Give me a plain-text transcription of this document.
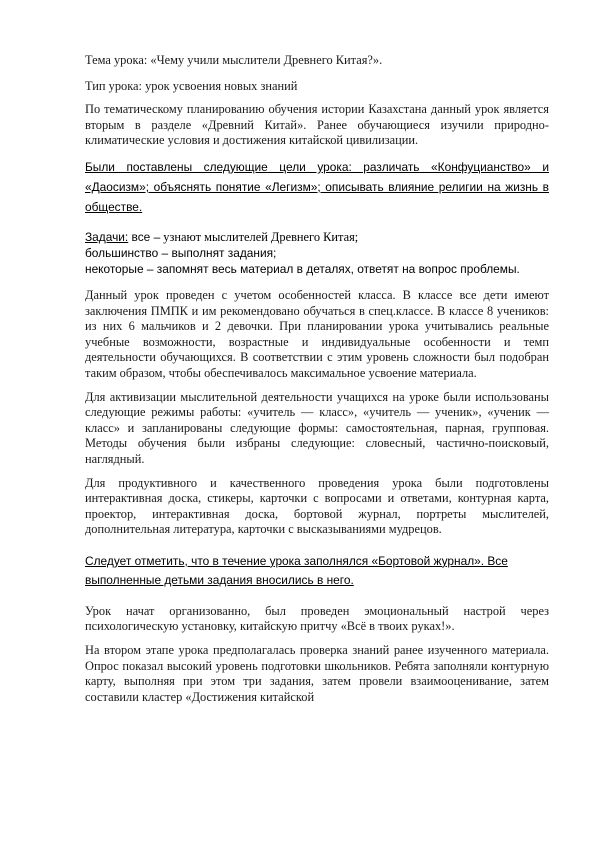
Тема урока: «Чему учили мыслители Древнего Китая?».

Тип урока: урок усвоения новых знаний

По тематическому планированию обучения истории Казахстана данный урок является вторым в разделе «Древний Китай». Ранее обучающиеся изучили природно-климатические условия и достижения китайской цивилизации.

Были поставлены следующие цели урока: различать «Конфуцианство» и «Даосизм»; объяснять понятие «Легизм»; описывать влияние религии на жизнь в обществе.

Задачи: все – узнают мыслителей Древнего Китая;
большинство – выполнят задания;
некоторые – запомнят весь материал в деталях, ответят на вопрос проблемы.

Данный урок проведен с учетом особенностей класса. В классе все дети имеют заключения ПМПК и им рекомендовано обучаться в спец.классе. В классе 8 учеников: из них 6 мальчиков и 2 девочки. При планировании урока учитывались реальные учебные возможности, возрастные и индивидуальные особенности и темп деятельности обучающихся. В соответствии с этим уровень сложности был подобран таким образом, чтобы обеспечивалось максимальное усвоение материала.

Для активизации мыслительной деятельности учащихся на уроке были использованы следующие режимы работы: «учитель — класс», «учитель — ученик», «ученик — класс» и запланированы следующие формы: самостоятельная, парная, групповая. Методы обучения были избраны следующие: словесный, частично-поисковый, наглядный.

Для продуктивного и качественного проведения урока были подготовлены интерактивная доска, стикеры, карточки с вопросами и ответами, контурная карта, проектор, интерактивная доска, бортовой журнал, портреты мыслителей, дополнительная литература, карточки с высказываниями мудрецов.

Следует отметить, что в течение урока заполнялся «Бортовой журнал». Все выполненные детьми задания вносились в него.

Урок начат организованно, был проведен эмоциональный настрой через психологическую установку, китайскую притчу «Всё в твоих руках!».

На втором этапе урока предполагалась проверка знаний ранее изученного материала. Опрос показал высокий уровень подготовки школьников. Ребята заполняли контурную карту, выполняя при этом три задания, затем провели взаимооценивание, затем составили кластер «Достижения китайской
